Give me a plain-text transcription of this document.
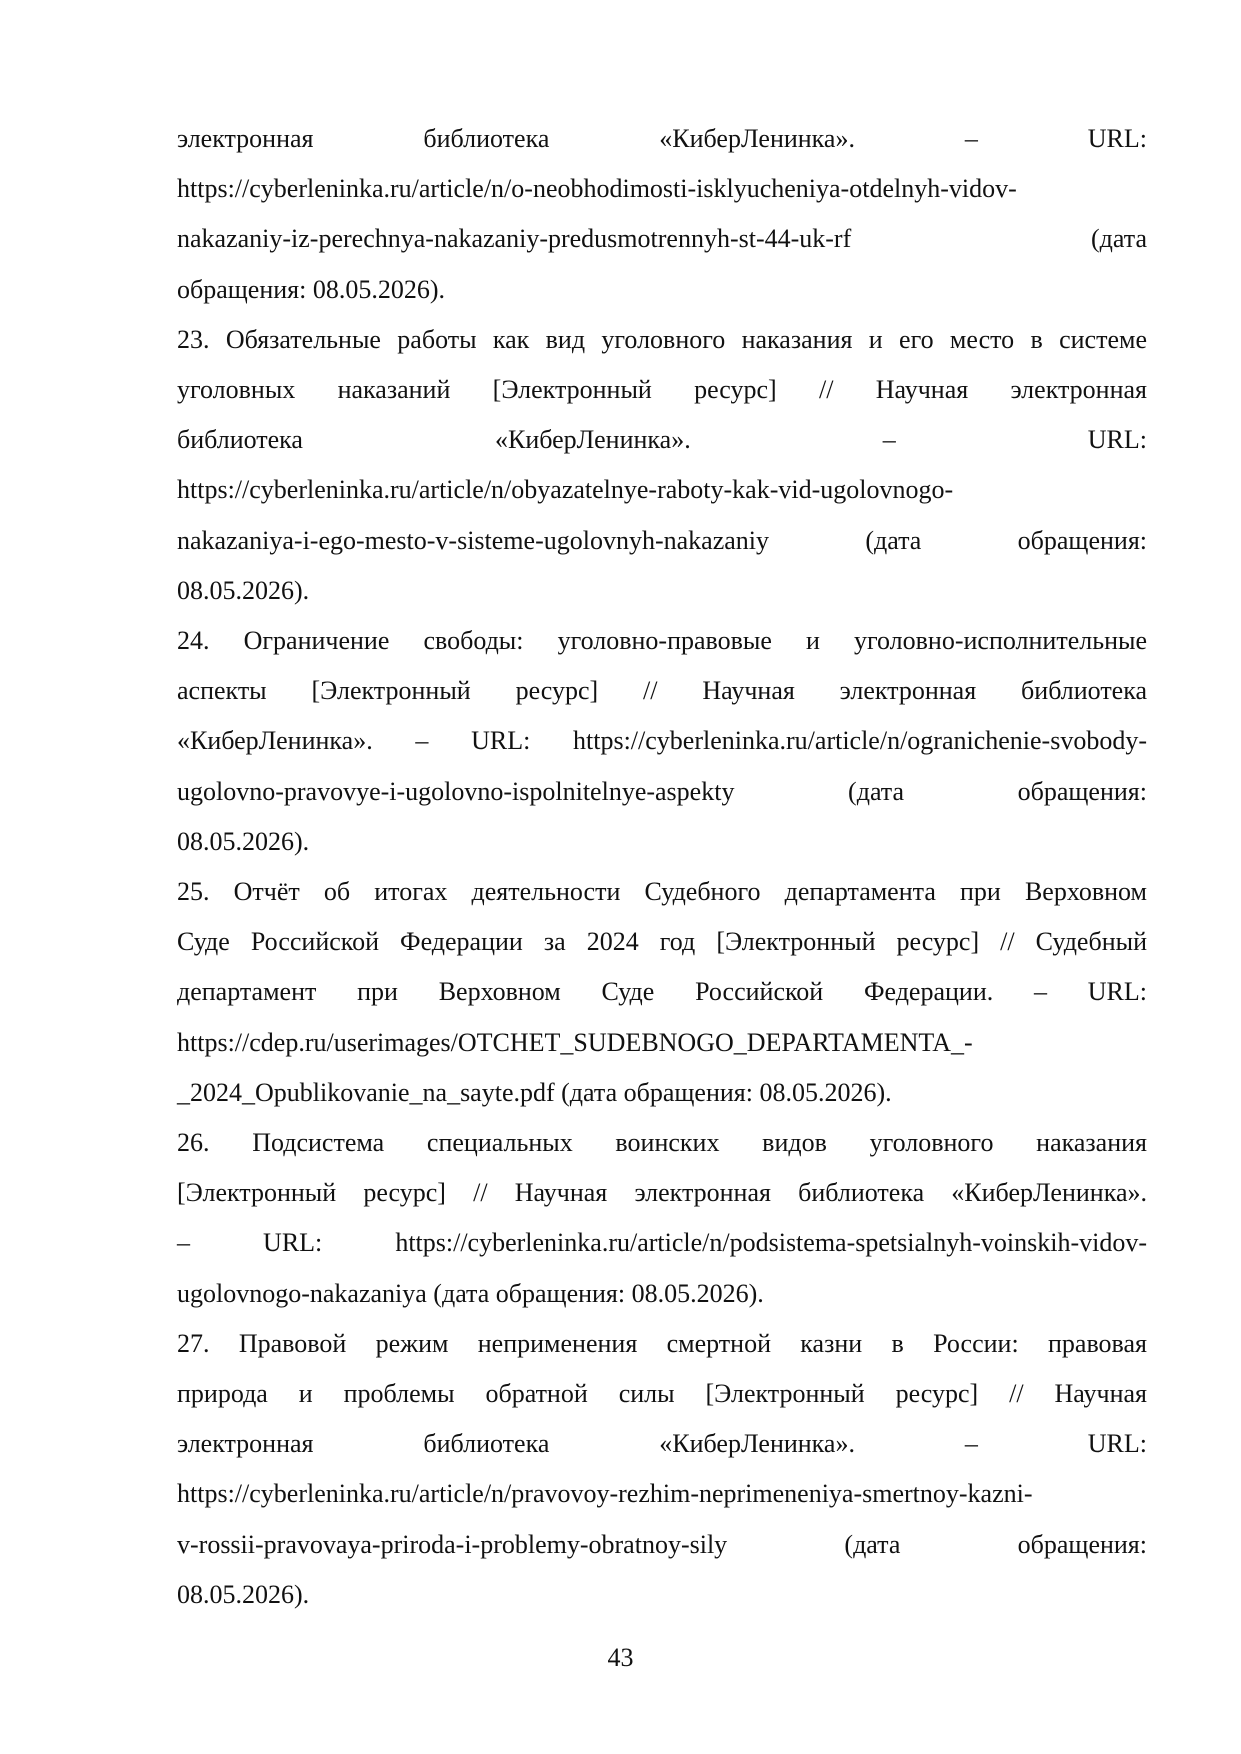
электронная библиотека «КиберЛенинка». – URL:
https://cyberleninka.ru/article/n/o-neobhodimosti-isklyucheniya-otdelnyh-vidov-
nakazaniy-iz-perechnya-nakazaniy-predusmotrennyh-st-44-uk-rf (дата
обращения: 08.05.2026).
23. Обязательные работы как вид уголовного наказания и его место в системе
уголовных наказаний [Электронный ресурс] // Научная электронная
библиотека «КиберЛенинка». – URL:
https://cyberleninka.ru/article/n/obyazatelnye-raboty-kak-vid-ugolovnogo-
nakazaniya-i-ego-mesto-v-sisteme-ugolovnyh-nakazaniy (дата обращения:
08.05.2026).
24. Ограничение свободы: уголовно-правовые и уголовно-исполнительные
аспекты [Электронный ресурс] // Научная электронная библиотека
«КиберЛенинка». – URL: https://cyberleninka.ru/article/n/ogranichenie-svobody-
ugolovno-pravovye-i-ugolovno-ispolnitelnye-aspekty (дата обращения:
08.05.2026).
25. Отчёт об итогах деятельности Судебного департамента при Верховном
Суде Российской Федерации за 2024 год [Электронный ресурс] // Судебный
департамент при Верховном Суде Российской Федерации. – URL:
https://cdep.ru/userimages/OTCHET_SUDEBNOGO_DEPARTAMENTA_-
_2024_Opublikovanie_na_sayte.pdf (дата обращения: 08.05.2026).
26. Подсистема специальных воинских видов уголовного наказания
[Электронный ресурс] // Научная электронная библиотека «КиберЛенинка».
– URL: https://cyberleninka.ru/article/n/podsistema-spetsialnyh-voinskih-vidov-
ugolovnogo-nakazaniya (дата обращения: 08.05.2026).
27. Правовой режим неприменения смертной казни в России: правовая
природа и проблемы обратной силы [Электронный ресурс] // Научная
электронная библиотека «КиберЛенинка». – URL:
https://cyberleninka.ru/article/n/pravovoy-rezhim-neprimeneniya-smertnoy-kazni-
v-rossii-pravovaya-priroda-i-problemy-obratnoy-sily (дата обращения:
08.05.2026).
43
